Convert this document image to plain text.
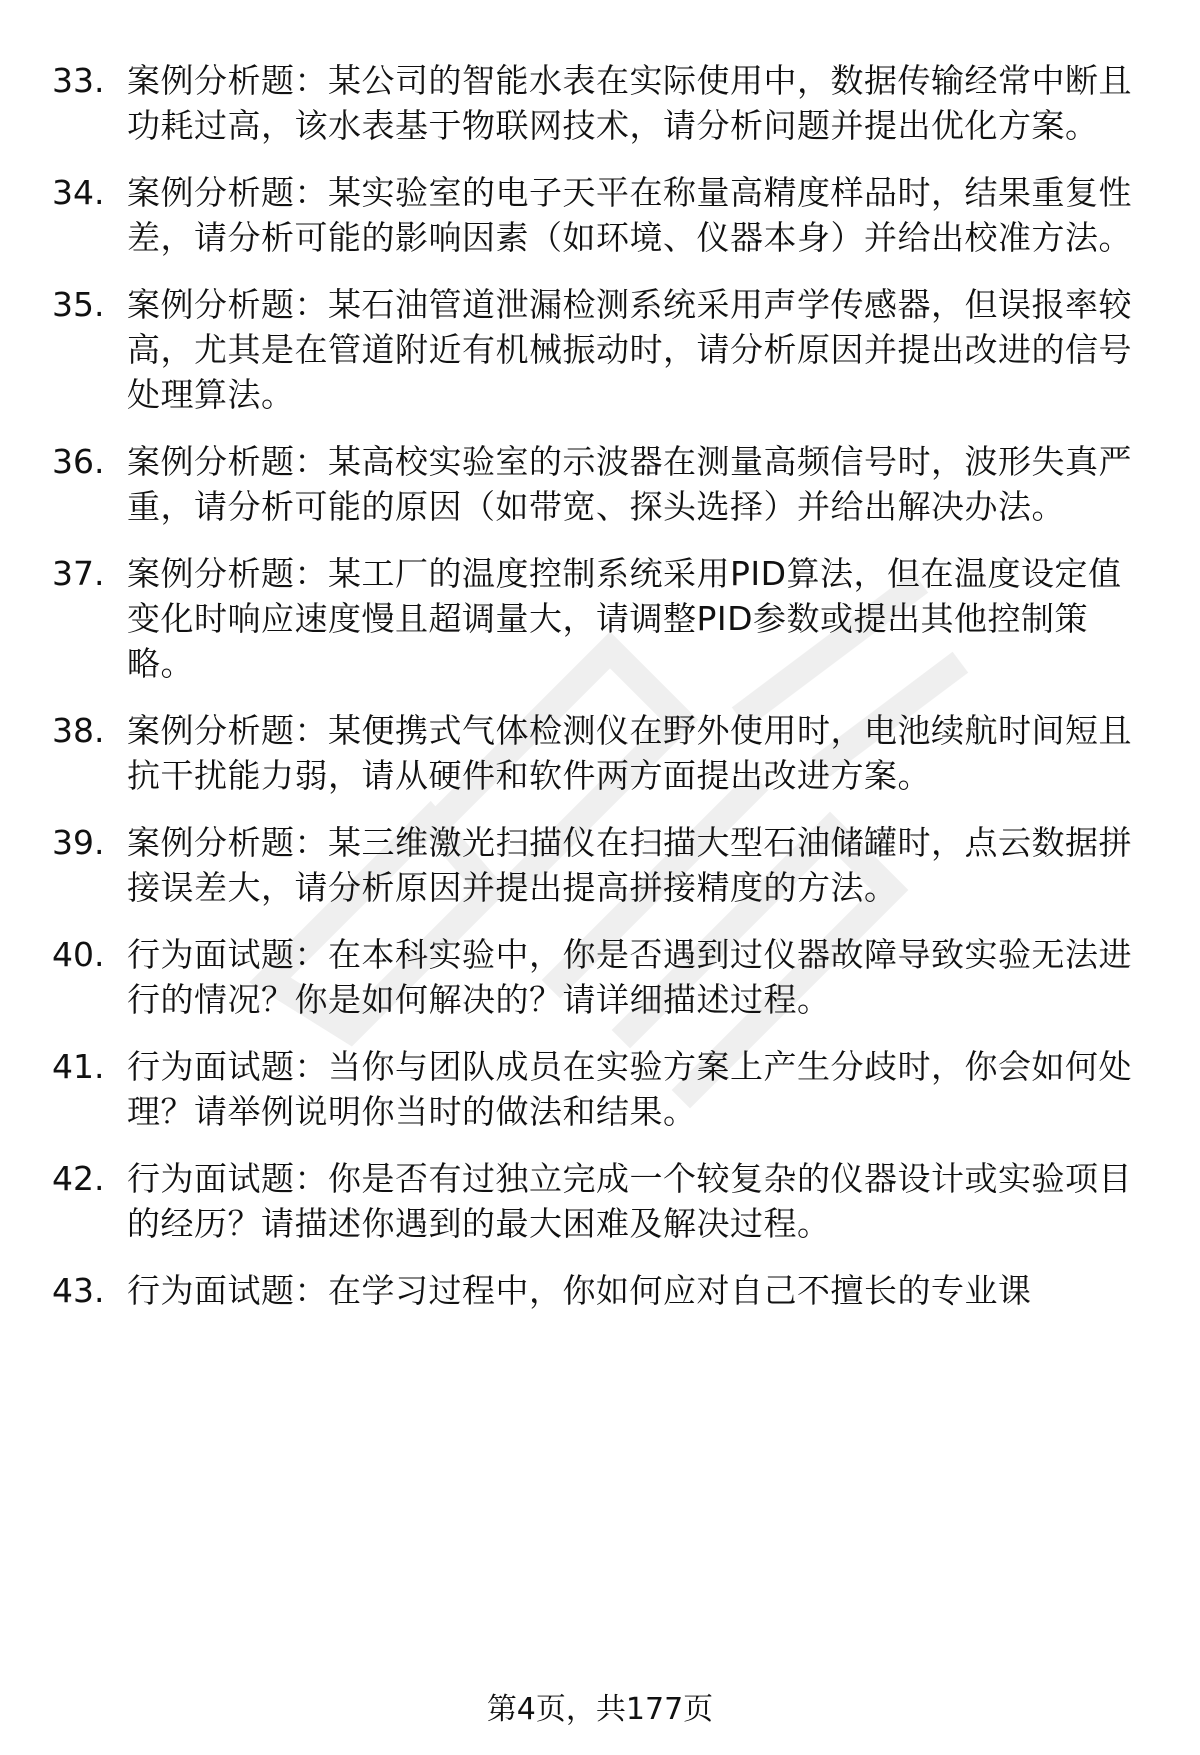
33. 案例分析题：某公司的智能水表在实际使用中，数据传输经常中断且功耗过高，该水表基于物联网技术，请分析问题并提出优化方案。
34. 案例分析题：某实验室的电子天平在称量高精度样品时，结果重复性差，请分析可能的影响因素（如环境、仪器本身）并给出校准方法。
35. 案例分析题：某石油管道泄漏检测系统采用声学传感器，但误报率较高，尤其是在管道附近有机械振动时，请分析原因并提出改进的信号处理算法。
36. 案例分析题：某高校实验室的示波器在测量高频信号时，波形失真严重，请分析可能的原因（如带宽、探头选择）并给出解决办法。
37. 案例分析题：某工厂的温度控制系统采用PID算法，但在温度设定值变化时响应速度慢且超调量大，请调整PID参数或提出其他控制策略。
38. 案例分析题：某便携式气体检测仪在野外使用时，电池续航时间短且抗干扰能力弱，请从硬件和软件两方面提出改进方案。
39. 案例分析题：某三维激光扫描仪在扫描大型石油储罐时，点云数据拼接误差大，请分析原因并提出提高拼接精度的方法。
40. 行为面试题：在本科实验中，你是否遇到过仪器故障导致实验无法进行的情况？你是如何解决的？请详细描述过程。
41. 行为面试题：当你与团队成员在实验方案上产生分歧时，你会如何处理？请举例说明你当时的做法和结果。
42. 行为面试题：你是否有过独立完成一个较复杂的仪器设计或实验项目的经历？请描述你遇到的最大困难及解决过程。
43. 行为面试题：在学习过程中，你如何应对自己不擅长的专业课
第4页，共177页
